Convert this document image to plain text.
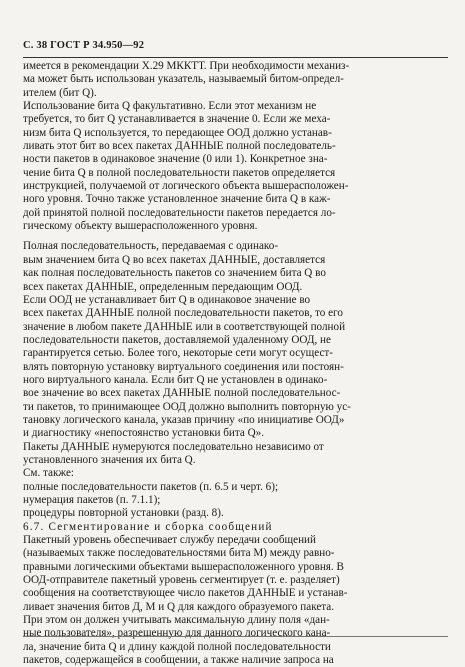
С. 38 ГОСТ Р 34.950—92
имеется в рекомендации Х.29 МККТТ. При необходимости механиз-
ма может быть использован указатель, называемый битом-определ-
ителем (бит Q).
Использование бита Q факультативно. Если этот механизм не
требуется, то бит Q устанавливается в значение 0. Если же меха-
низм бита Q используется, то передающее ООД должно устанав-
ливать этот бит во всех пакетах ДАННЫЕ полной последователь-
ности пакетов в одинаковое значение (0 или 1). Конкретное зна-
чение бита Q в полной последовательности пакетов определяется
инструкцией, получаемой от логического объекта вышерасположен-
ного уровня. Точно также установленное значение бита Q в каж-
дой принятой полной последовательности пакетов передается ло-
гическому объекту вышерасположенного уровня.
Полная последовательность, передаваемая с одинако-
вым значением бита Q во всех пакетах ДАННЫЕ, доставляется
как полная последовательность пакетов со значением бита Q во
всех пакетах ДАННЫЕ, определенным передающим ООД.
Если ООД не устанавливает бит Q в одинаковое значение во
всех пакетах ДАННЫЕ полной последовательности пакетов, то его
значение в любом пакете ДАННЫЕ или в соответствующей полной
последовательности пакетов, доставляемой удаленному ООД, не
гарантируется сетью. Более того, некоторые сети могут осущест-
влять повторную установку виртуального соединения или постоян-
ного виртуального канала. Если бит Q не установлен в одинако-
вое значение во всех пакетах ДАННЫЕ полной последовательнос-
ти пакетов, то принимающее ООД должно выполнить повторную ус-
тановку логического канала, указав причину «по инициативе ООД»
и диагностику «непостоянство установки бита Q».
Пакеты ДАННЫЕ нумеруются последовательно независимо от
установленного значения их бита Q.
См. также:
полные последовательности пакетов (п. 6.5 и черт. 6);
нумерация пакетов (п. 7.1.1);
процедуры повторной установки (разд. 8).
6.7. Сегментирование и сборка сообщений
Пакетный уровень обеспечивает службу передачи сообщений
(называемых также последовательностями бита М) между равно-
правными логическими объектами вышерасположенного уровня. В
ООД-отправителе пакетный уровень сегментирует (т. е. разделяет)
сообщения на соответствующее число пакетов ДАННЫЕ и устанав-
ливает значения битов Д, М и Q для каждого образуемого пакета.
При этом он должен учитывать максимальную длину поля «дан-
ные пользователя», разрешенную для данного логического кана-
ла, значение бита Q и длину каждой полной последовательности
пакетов, содержащейся в сообщении, а также наличие запроса на
